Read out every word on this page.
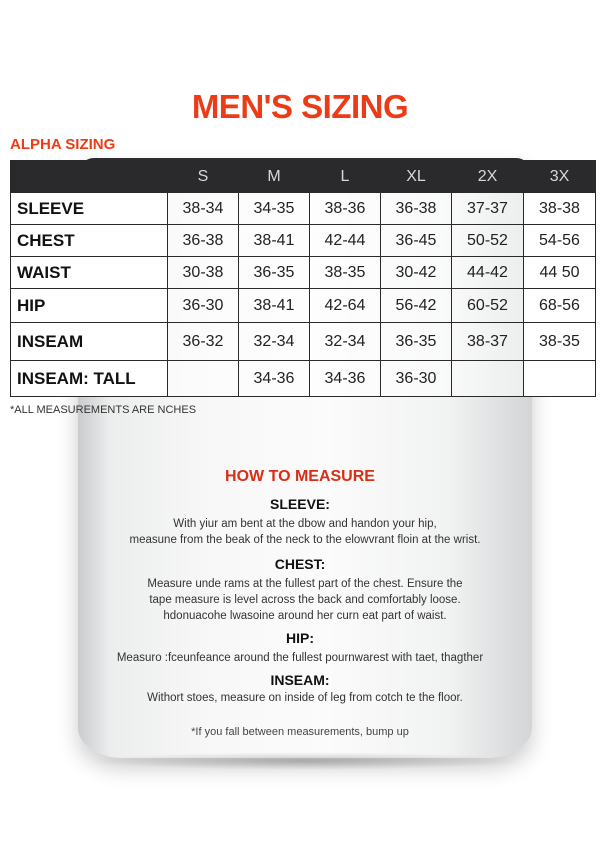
MEN'S SIZING
ALPHA SIZING
	S	M	L	XL	2X	3X
SLEEVE	38-34	34-35	38-36	36-38	37-37	38-38
CHEST	36-38	38-41	42-44	36-45	50-52	54-56
WAIST	30-38	36-35	38-35	30-42	44-42	44 50
HIP	36-30	38-41	42-64	56-42	60-52	68-56
INSEAM	36-32	32-34	32-34	36-35	38-37	38-35
INSEAM: TALL		34-36	34-36	36-30		
*ALL MEASUREMENTS ARE NCHES
HOW TO MEASURE
SLEEVE:
With yiur am bent at the dbow and handon your hip,
measune from the beak of the neck to the elowvrant floin at the wrist.
CHEST:
Measure unde rams at the fullest part of the chest. Ensure the
tape measure is level across the back and comfortably loose.
hdonuacohe lwasoine around her curn eat part of waist.
HIP:
Measuro :fceunfeance around the fullest pournwarest with taet, thagther
INSEAM:
Withort stoes, measure on inside of leg from cotch te the floor.
*If you fall between measurements, bump up
